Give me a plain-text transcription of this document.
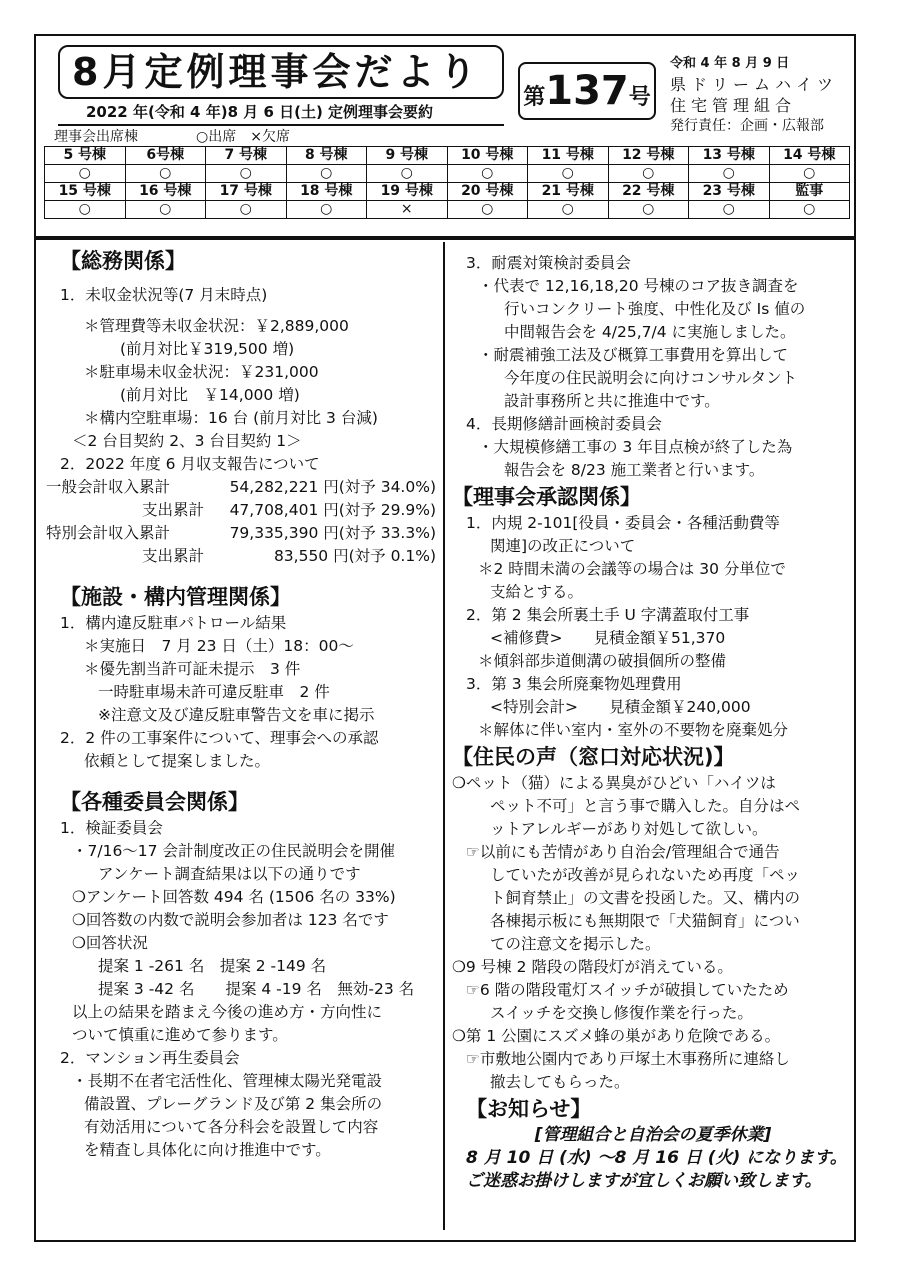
8月定例理事会だより
2022 年(令和 4 年)8 月 6 日(土) 定例理事会要約
第137号
令和 4 年 8 月 9 日
県ドリームハイツ
住宅管理組合
発行責任：企画・広報部
理事会出席棟	○出席　×欠席
5 号棟	6号棟	7 号棟	8 号棟	9 号棟	10 号棟	11 号棟	12 号棟	13 号棟	14 号棟
○	○	○	○	○	○	○	○	○	○
15 号棟	16 号棟	17 号棟	18 号棟	19 号棟	20 号棟	21 号棟	22 号棟	23 号棟	監事
○	○	○	○	×	○	○	○	○	○
【総務関係】
1．未収金状況等(7 月末時点)
＊管理費等未収金状況：￥2,889,000
(前月対比￥319,500 増)
＊駐車場未収金状況：￥231,000
(前月対比　￥14,000 増)
＊構内空駐車場：16 台 (前月対比 3 台減)
＜2 台目契約 2、3 台目契約 1＞
2．2022 年度 6 月収支報告について
一般会計収入累計	54,282,221 円(対予 34.0%)
支出累計 47,708,401 円(対予 29.9%)
特別会計収入累計	79,335,390 円(対予 33.3%)
支出累計	83,550 円(対予 0.1%)
【施設・構内管理関係】
1．構内違反駐車パトロール結果
＊実施日　7 月 23 日（土）18：00～
＊優先割当許可証未提示　3 件
一時駐車場未許可違反駐車　2 件
※注意文及び違反駐車警告文を車に掲示
2．2 件の工事案件について、理事会への承認
依頼として提案しました。
【各種委員会関係】
1．検証委員会
・7/16～17 会計制度改正の住民説明会を開催
アンケート調査結果は以下の通りです
❍アンケート回答数 494 名 (1506 名の 33%)
❍回答数の内数で説明会参加者は 123 名です
❍回答状況
提案 1 -261 名　提案 2 -149 名
提案 3 -42 名　　提案 4 -19 名　無効-23 名
以上の結果を踏まえ今後の進め方・方向性に
ついて慎重に進めて参ります。
2．マンション再生委員会
・長期不在者宅活性化、管理棟太陽光発電設
備設置、プレーグランド及び第 2 集会所の
有効活用について各分科会を設置して内容
を精査し具体化に向け推進中です。
3．耐震対策検討委員会
・代表で 12,16,18,20 号棟のコア抜き調査を
行いコンクリート強度、中性化及び Is 値の
中間報告会を 4/25,7/4 に実施しました。
・耐震補強工法及び概算工事費用を算出して
今年度の住民説明会に向けコンサルタント
設計事務所と共に推進中です。
4．長期修繕計画検討委員会
・大規模修繕工事の 3 年目点検が終了した為
報告会を 8/23 施工業者と行います。
【理事会承認関係】
1．内規 2-101[役員・委員会・各種活動費等
関連]の改正について
＊2 時間未満の会議等の場合は 30 分単位で
支給とする。
2．第 2 集会所裏土手 U 字溝蓋取付工事
<補修費>　　見積金額￥51,370
＊傾斜部歩道側溝の破損個所の整備
3．第 3 集会所廃棄物処理費用
<特別会計>　　見積金額￥240,000
＊解体に伴い室内・室外の不要物を廃棄処分
【住民の声（窓口対応状況)】
❍ペット（猫）による異臭がひどい「ハイツは
ペット不可」と言う事で購入した。自分はペ
ットアレルギーがあり対処して欲しい。
☞以前にも苦情があり自治会/管理組合で通告
していたが改善が見られないため再度「ペッ
ト飼育禁止」の文書を投函した。又、構内の
各棟掲示板にも無期限で「犬猫飼育」につい
ての注意文を掲示した。
❍9 号棟 2 階段の階段灯が消えている。
☞6 階の階段電灯スイッチが破損していたため
スイッチを交換し修復作業を行った。
❍第 1 公園にスズメ蜂の巣があり危険である。
☞市敷地公園内であり戸塚土木事務所に連絡し
撤去してもらった。
【お知らせ】
[管理組合と自治会の夏季休業]
8 月 10 日 (水) ～8 月 16 日 (火) になります。
ご迷惑お掛けしますが宜しくお願い致します。
